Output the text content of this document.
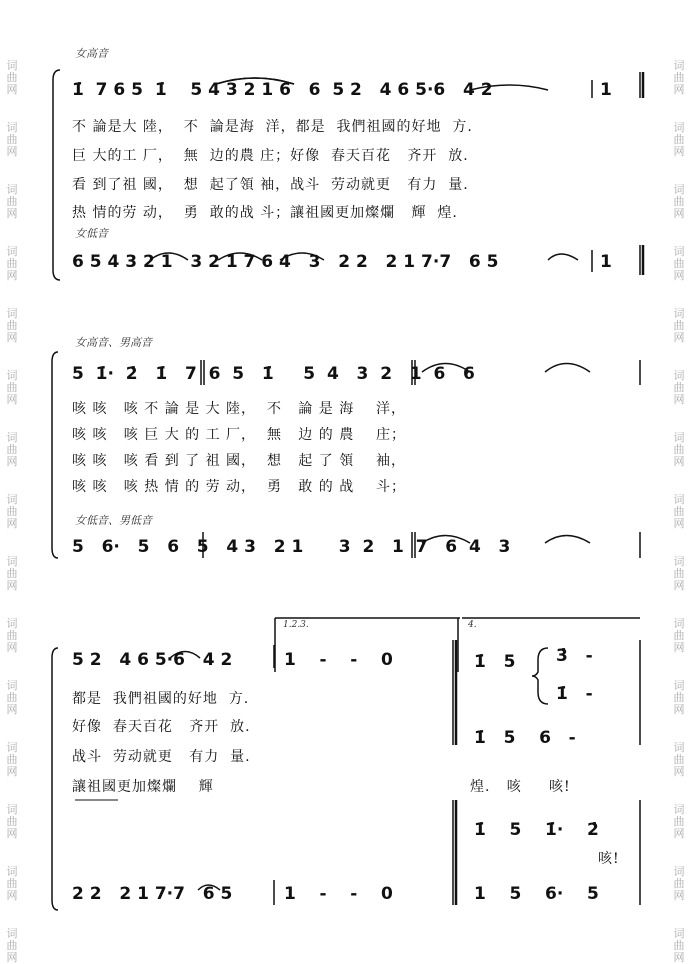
词
曲
网
词
曲
网
词
曲
网
词
曲
网
词
曲
网
词
曲
网
词
曲
网
词
曲
网
词
曲
网
词
曲
网
词
曲
网
词
曲
网
词
曲
网
词
曲
网
词
曲
网
词
曲
网
词
曲
网
词
曲
网
词
曲
网
词
曲
网
词
曲
网
词
曲
网
词
曲
网
词
曲
网
词
曲
网
词
曲
网
词
曲
网
词
曲
网
词
曲
网
词
曲
网
女高音
1̇  7 6 5  1̇    5 4 3 2 1 6   6  5 2   4 6 5·6   4 2	1
不 論是大 陸，  不  論是海  洋，都是  我們祖國的好地  方.
巨 大的工 厂，  無  边的農 庄；好像  春天百花   齐开  放.
看 到了祖 國，  想  起了領 袖，战斗  劳动就更   有力  量.
热 情的劳 动，  勇  敢的战 斗；讓祖國更加燦爛   輝  煌.
女低音
6 5 4 3 2 1   3 2 1 7 6 4   3   2 2   2 1 7·7   6 5	1
女高音、男高音
5  1̇·  2̇   1̇   7  6  5   1̇     5  4   3  2   1  6   6
咳 咳   咳 不 論 是 大 陸，  不   論 是 海    洋，
咳 咳   咳 巨 大 的 工 厂，  無   边 的 農    庄；
咳 咳   咳 看 到 了 祖 國，  想   起 了 領    袖，
咳 咳   咳 热 情 的 劳 动，  勇   敢 的 战    斗；
女低音、男低音
5   6·   5   6   5   4 3   2 1      3  2   1  7   6  4   3
1.2.3.	4.
5 2   4 6 5·6   4 2	1    -    -    0	1̇   5 3̇   -
1̇   -
都是  我們祖國的好地  方.
好像  春天百花   齐开  放.
1̇   5    6   -
战斗  劳动就更   有力  量.
讓祖國更加燦爛    輝	煌.   咳     咳!
1̇    5    1̇·    2̇
咳!
2 2   2 1 7·7   6 5	1    -    -    0	1    5    6·    5
